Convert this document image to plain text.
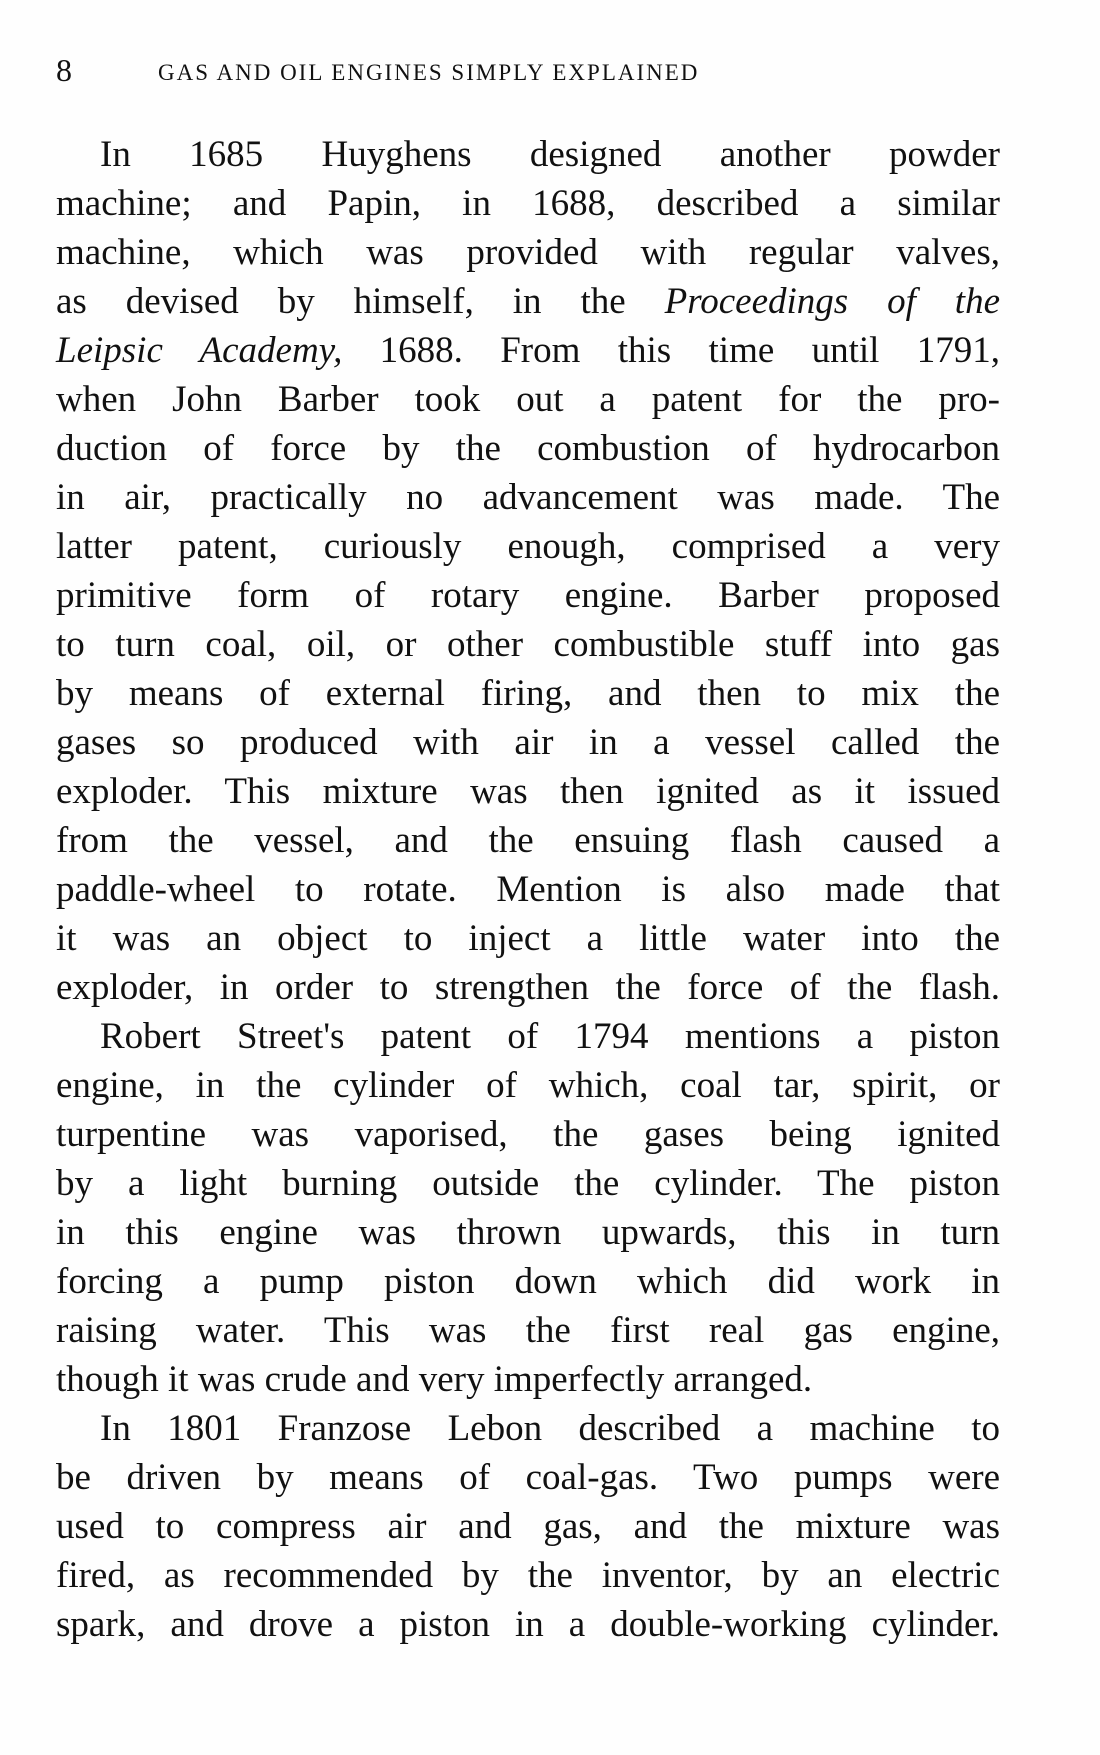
8	GAS AND OIL ENGINES SIMPLY EXPLAINED
In 1685 Huyghens designed another powder
machine; and Papin, in 1688, described a similar
machine, which was provided with regular valves,
as devised by himself, in the Proceedings of the
Leipsic Academy, 1688. From this time until 1791,
when John Barber took out a patent for the pro-
duction of force by the combustion of hydrocarbon
in air, practically no advancement was made. The
latter patent, curiously enough, comprised a very
primitive form of rotary engine. Barber proposed
to turn coal, oil, or other combustible stuff into gas
by means of external firing, and then to mix the
gases so produced with air in a vessel called the
exploder. This mixture was then ignited as it issued
from the vessel, and the ensuing flash caused a
paddle-wheel to rotate. Mention is also made that
it was an object to inject a little water into the
exploder, in order to strengthen the force of the flash.
Robert Street's patent of 1794 mentions a piston
engine, in the cylinder of which, coal tar, spirit, or
turpentine was vaporised, the gases being ignited
by a light burning outside the cylinder. The piston
in this engine was thrown upwards, this in turn
forcing a pump piston down which did work in
raising water. This was the first real gas engine,
though it was crude and very imperfectly arranged.
In 1801 Franzose Lebon described a machine to
be driven by means of coal-gas. Two pumps were
used to compress air and gas, and the mixture was
fired, as recommended by the inventor, by an electric
spark, and drove a piston in a double-working cylinder.
